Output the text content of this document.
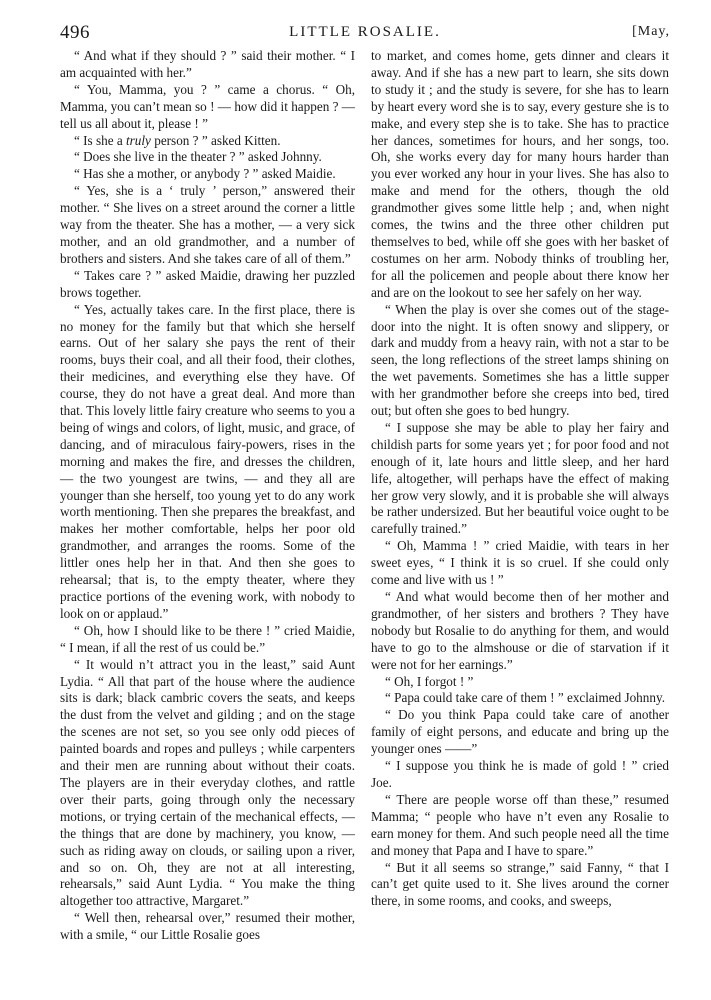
496	LITTLE ROSALIE.	[May,

“ And what if they should ? ” said their mother. “ I am acquainted with her.”

“ You, Mamma, you ? ” came a chorus. “ Oh, Mamma, you can’t mean so ! — how did it happen ? — tell us all about it, please ! ”

“ Is she a truly person ? ” asked Kitten.

“ Does she live in the theater ? ” asked Johnny.

“ Has she a mother, or anybody ? ” asked Maidie.

“ Yes, she is a ‘ truly ’ person,” answered their mother. “ She lives on a street around the corner a little way from the theater. She has a mother, — a very sick mother, and an old grandmother, and a number of brothers and sisters. And she takes care of all of them.”

“ Takes care ? ” asked Maidie, drawing her puzzled brows together.

“ Yes, actually takes care. In the first place, there is no money for the family but that which she herself earns. Out of her salary she pays the rent of their rooms, buys their coal, and all their food, their clothes, their medicines, and everything else they have. Of course, they do not have a great deal. And more than that. This lovely little fairy creature who seems to you a being of wings and colors, of light, music, and grace, of dancing, and of miraculous fairy-powers, rises in the morning and makes the fire, and dresses the children, — the two youngest are twins, — and they all are younger than she herself, too young yet to do any work worth mentioning. Then she prepares the breakfast, and makes her mother comfortable, helps her poor old grandmother, and arranges the rooms. Some of the littler ones help her in that. And then she goes to rehearsal; that is, to the empty theater, where they practice portions of the evening work, with nobody to look on or applaud.”

“ Oh, how I should like to be there ! ” cried Maidie, “ I mean, if all the rest of us could be.”

“ It would n’t attract you in the least,” said Aunt Lydia. “ All that part of the house where the audience sits is dark; black cambric covers the seats, and keeps the dust from the velvet and gilding ; and on the stage the scenes are not set, so you see only odd pieces of painted boards and ropes and pulleys ; while carpenters and their men are running about without their coats. The players are in their everyday clothes, and rattle over their parts, going through only the necessary motions, or trying certain of the mechanical effects, — the things that are done by machinery, you know, — such as riding away on clouds, or sailing upon a river, and so on. Oh, they are not at all interesting, rehearsals,” said Aunt Lydia. “ You make the thing altogether too attractive, Margaret.”

“ Well then, rehearsal over,” resumed their mother, with a smile, “ our Little Rosalie goes

to market, and comes home, gets dinner and clears it away. And if she has a new part to learn, she sits down to study it ; and the study is severe, for she has to learn by heart every word she is to say, every gesture she is to make, and every step she is to take. She has to practice her dances, sometimes for hours, and her songs, too. Oh, she works every day for many hours harder than you ever worked any hour in your lives. She has also to make and mend for the others, though the old grandmother gives some little help ; and, when night comes, the twins and the three other children put themselves to bed, while off she goes with her basket of costumes on her arm. Nobody thinks of troubling her, for all the policemen and people about there know her and are on the lookout to see her safely on her way.

“ When the play is over she comes out of the stage-door into the night. It is often snowy and slippery, or dark and muddy from a heavy rain, with not a star to be seen, the long reflections of the street lamps shining on the wet pavements. Sometimes she has a little supper with her grandmother before she creeps into bed, tired out; but often she goes to bed hungry.

“ I suppose she may be able to play her fairy and childish parts for some years yet ; for poor food and not enough of it, late hours and little sleep, and her hard life, altogether, will perhaps have the effect of making her grow very slowly, and it is probable she will always be rather undersized. But her beautiful voice ought to be carefully trained.”

“ Oh, Mamma ! ” cried Maidie, with tears in her sweet eyes, “ I think it is so cruel. If she could only come and live with us ! ”

“ And what would become then of her mother and grandmother, of her sisters and brothers ? They have nobody but Rosalie to do anything for them, and would have to go to the almshouse or die of starvation if it were not for her earnings.”

“ Oh, I forgot ! ”

“ Papa could take care of them ! ” exclaimed Johnny.

“ Do you think Papa could take care of another family of eight persons, and educate and bring up the younger ones ——”

“ I suppose you think he is made of gold ! ” cried Joe.

“ There are people worse off than these,” resumed Mamma; “ people who have n’t even any Rosalie to earn money for them. And such people need all the time and money that Papa and I have to spare.”

“ But it all seems so strange,” said Fanny, “ that I can’t get quite used to it. She lives around the corner there, in some rooms, and cooks, and sweeps,
